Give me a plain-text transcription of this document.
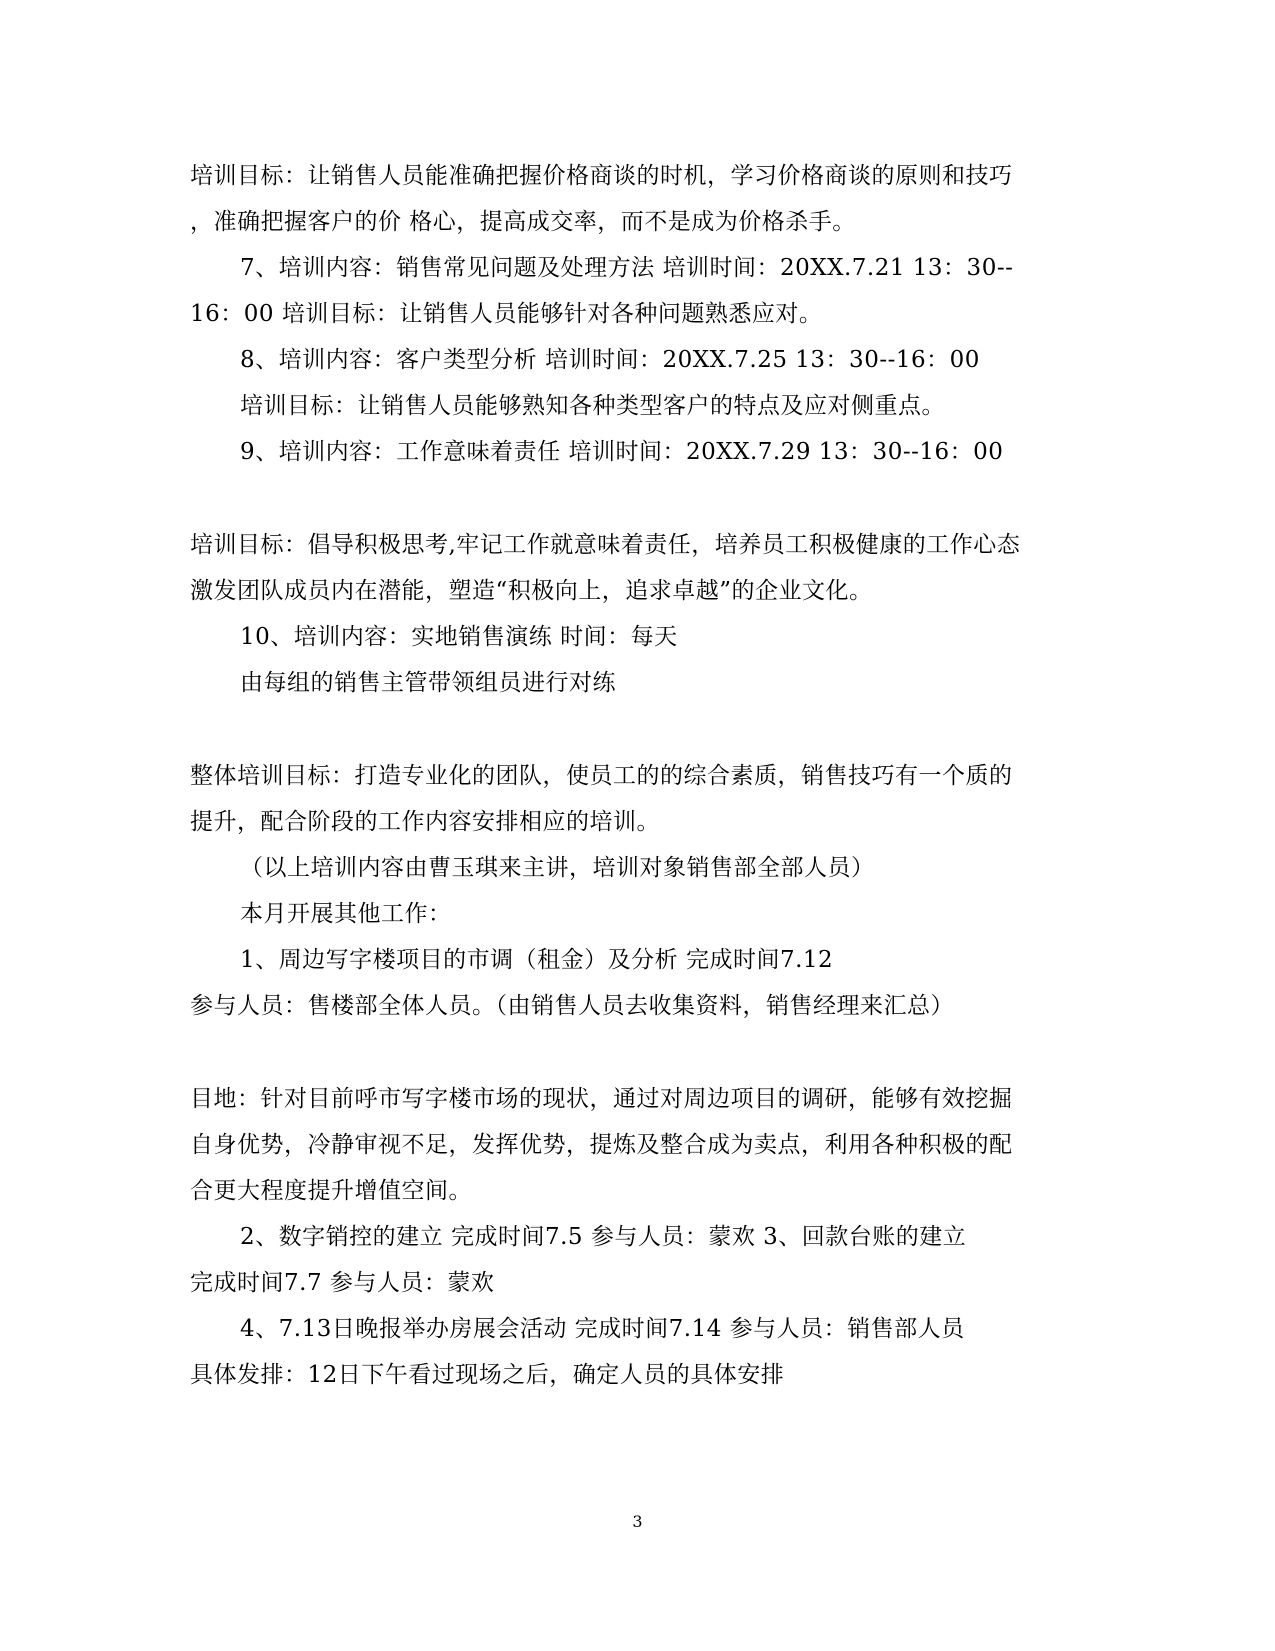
培训目标：让销售人员能准确把握价格商谈的时机，学习价格商谈的原则和技巧
，准确把握客户的价 格心，提高成交率，而不是成为价格杀手。
7、培训内容：销售常见问题及处理方法 培训时间：20XX.7.21 13：30--
16：00 培训目标：让销售人员能够针对各种问题熟悉应对。
8、培训内容：客户类型分析 培训时间：20XX.7.25 13：30--16：00
培训目标：让销售人员能够熟知各种类型客户的特点及应对侧重点。
9、培训内容：工作意味着责任 培训时间：20XX.7.29 13：30--16：00
培训目标：倡导积极思考,牢记工作就意味着责任，培养员工积极健康的工作心态
激发团队成员内在潜能，塑造“积极向上，追求卓越”的企业文化。
10、培训内容：实地销售演练 时间：每天
由每组的销售主管带领组员进行对练
整体培训目标：打造专业化的团队，使员工的的综合素质，销售技巧有一个质的
提升，配合阶段的工作内容安排相应的培训。
（以上培训内容由曹玉琪来主讲，培训对象销售部全部人员）
本月开展其他工作：
1、周边写字楼项目的市调（租金）及分析 完成时间7.12
参与人员：售楼部全体人员。（由销售人员去收集资料，销售经理来汇总）
目地：针对目前呼市写字楼市场的现状，通过对周边项目的调研，能够有效挖掘
自身优势，冷静审视不足，发挥优势，提炼及整合成为卖点，利用各种积极的配
合更大程度提升增值空间。
2、数字销控的建立 完成时间7.5 参与人员：蒙欢 3、回款台账的建立
完成时间7.7 参与人员：蒙欢
4、7.13日晚报举办房展会活动 完成时间7.14 参与人员：销售部人员
具体发排：12日下午看过现场之后，确定人员的具体安排
3
